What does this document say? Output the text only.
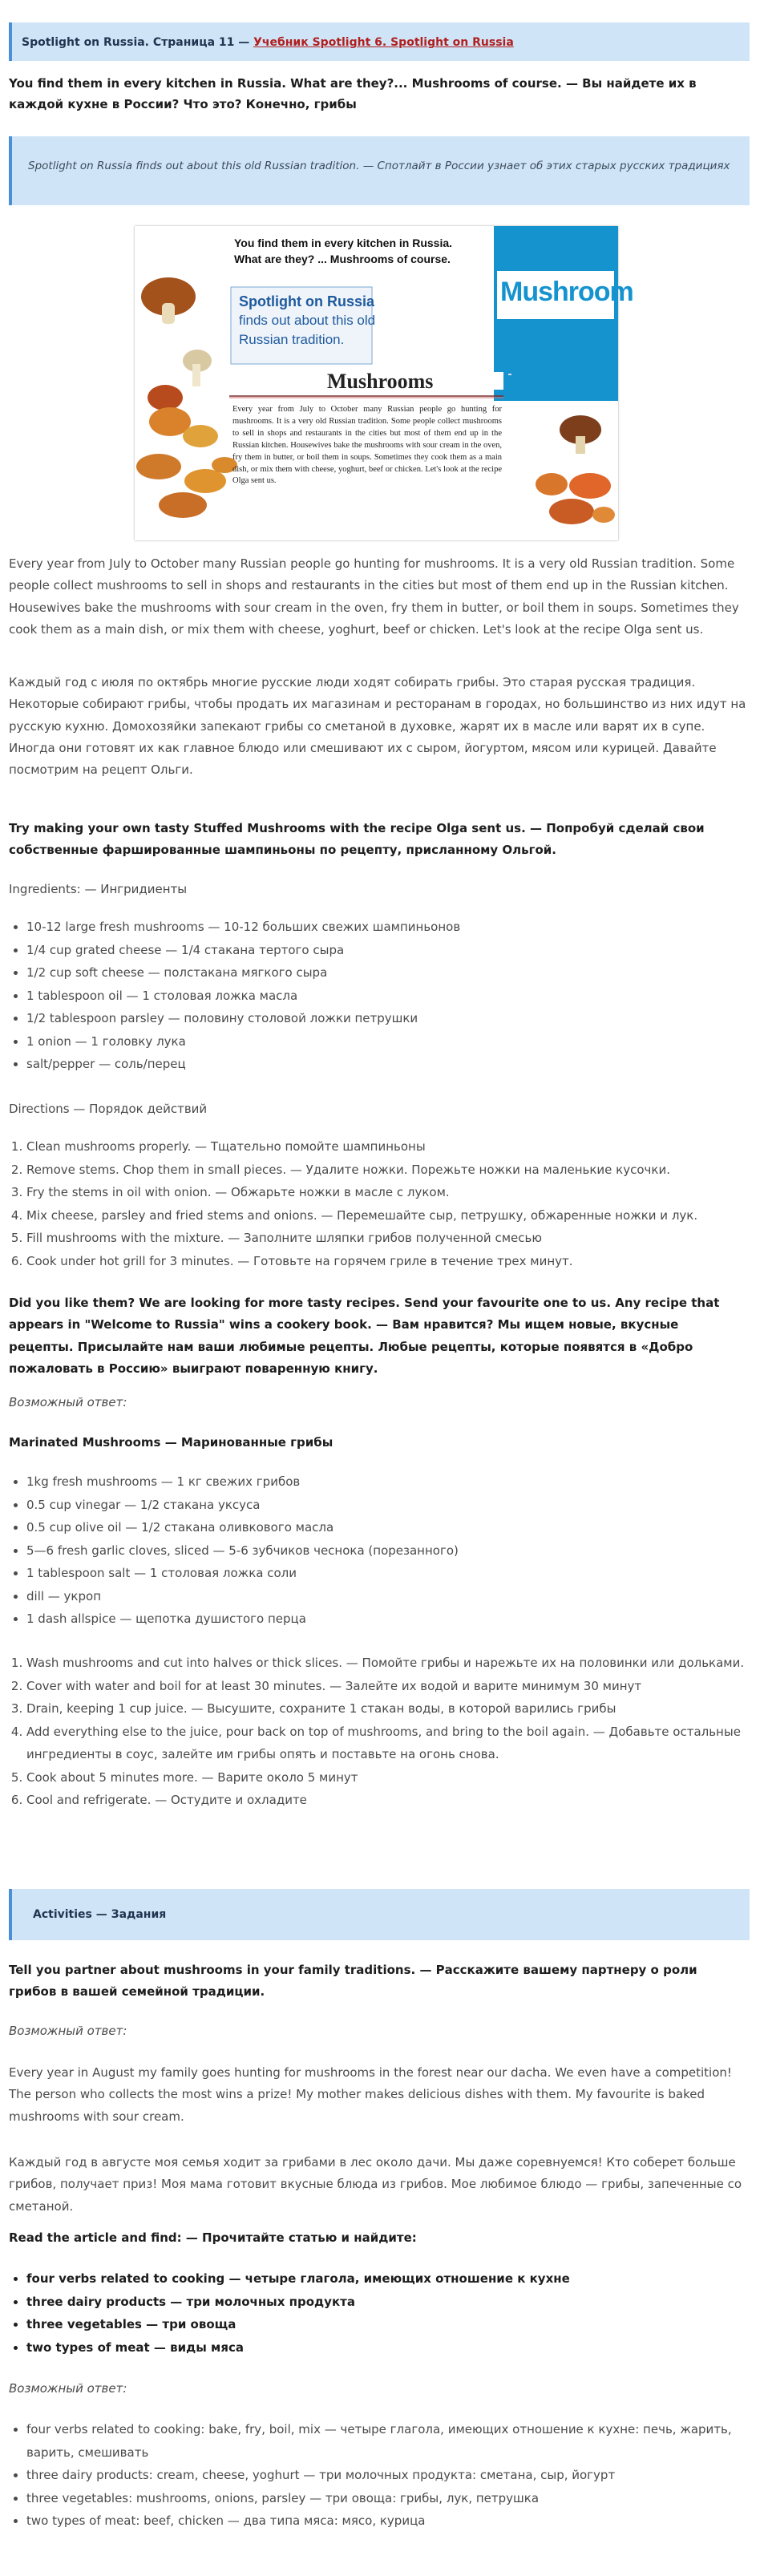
Spotlight on Russia. Страница 11 — Учебник Spotlight 6. Spotlight on Russia
You find them in every kitchen in Russia. What are they?... Mushrooms of course. — Вы найдете их в каждой кухне в России? Что это? Конечно, грибы
Spotlight on Russia finds out about this old Russian tradition. — Спотлайт в России узнает об этих старых русских традициях
You find them in every kitchen in Russia.
What are they? ... Mushrooms of course.
Spotlight on Russia
finds out about this old
Russian tradition.
Mushroom
Mushrooms
Every year from July to October many Russian people go hunting for mushrooms. It is a very old Russian tradition. Some people collect mushrooms to sell in shops and restaurants in the cities but most of them end up in the Russian kitchen. Housewives bake the mushrooms with sour cream in the oven, fry them in butter, or boil them in soups. Sometimes they cook them as a main dish, or mix them with cheese, yoghurt, beef or chicken. Let's look at the recipe Olga sent us.
Every year from July to October many Russian people go hunting for mushrooms. It is a very old Russian tradition. Some people collect mushrooms to sell in shops and restaurants in the cities but most of them end up in the Russian kitchen. Housewives bake the mushrooms with sour cream in the oven, fry them in butter, or boil them in soups. Sometimes they cook them as a main dish, or mix them with cheese, yoghurt, beef or chicken. Let's look at the recipe Olga sent us.
Каждый год с июля по октябрь многие русские люди ходят собирать грибы. Это старая русская традиция. Некоторые собирают грибы, чтобы продать их магазинам и ресторанам в городах, но большинство из них идут на русскую кухню. Домохозяйки запекают грибы со сметаной в духовке, жарят их в масле или варят их в супе. Иногда они готовят их как главное блюдо или смешивают их с сыром, йогуртом, мясом или курицей. Давайте посмотрим на рецепт Ольги.
Try making your own tasty Stuffed Mushrooms with the recipe Olga sent us. — Попробуй сделай свои собственные фаршированные шампиньоны по рецепту, присланному Ольгой.
Ingredients: — Ингридиенты
• 10-12 large fresh mushrooms — 10-12 больших свежих шампиньонов
• 1/4 cup grated cheese — 1/4 стакана тертого сыра
• 1/2 cup soft cheese — полстакана мягкого сыра
• 1 tablespoon oil — 1 столовая ложка масла
• 1/2 tablespoon parsley — половину столовой ложки петрушки
• 1 onion — 1 головку лука
• salt/pepper — соль/перец
Directions — Порядок действий
1. Clean mushrooms properly. — Тщательно помойте шампиньоны
2. Remove stems. Chop them in small pieces. — Удалите ножки. Порежьте ножки на маленькие кусочки.
3. Fry the stems in oil with onion. — Обжарьте ножки в масле с луком.
4. Mix cheese, parsley and fried stems and onions. — Перемешайте сыр, петрушку, обжаренные ножки и лук.
5. Fill mushrooms with the mixture. — Заполните шляпки грибов полученной смесью
6. Cook under hot grill for 3 minutes. — Готовьте на горячем гриле в течение трех минут.
Did you like them? We are looking for more tasty recipes. Send your favourite one to us. Any recipe that appears in "Welcome to Russia" wins a cookery book. — Вам нравится? Мы ищем новые, вкусные рецепты. Присылайте нам ваши любимые рецепты. Любые рецепты, которые появятся в «Добро пожаловать в Россию» выиграют поваренную книгу.
Возможный ответ:
Marinated Mushrooms — Маринованные грибы
• 1kg fresh mushrooms — 1 кг свежих грибов
• 0.5 cup vinegar — 1/2 стакана уксуса
• 0.5 cup olive oil — 1/2 стакана оливкового масла
• 5—6 fresh garlic cloves, sliced — 5-6 зубчиков чеснока (порезанного)
• 1 tablespoon salt — 1 столовая ложка соли
• dill — укроп
• 1 dash allspice — щепотка душистого перца
1. Wash mushrooms and cut into halves or thick slices. — Помойте грибы и нарежьте их на половинки или дольками.
2. Cover with water and boil for at least 30 minutes. — Залейте их водой и варите минимум 30 минут
3. Drain, keeping 1 cup juice. — Высушите, сохраните 1 стакан воды, в которой варились грибы
4. Add everything else to the juice, pour back on top of mushrooms, and bring to the boil again. — Добавьте остальные ингредиенты в соус, залейте им грибы опять и поставьте на огонь снова.
5. Cook about 5 minutes more. — Варите около 5 минут
6. Cool and refrigerate. — Остудите и охладите
Activities — Задания
Tell you partner about mushrooms in your family traditions. — Расскажите вашему партнеру о роли грибов в вашей семейной традиции.
Возможный ответ:
Every year in August my family goes hunting for mushrooms in the forest near our dacha. We even have a competition! The person who collects the most wins a prize! My mother makes delicious dishes with them. My favourite is baked mushrooms with sour cream.
Каждый год в августе моя семья ходит за грибами в лес около дачи. Мы даже соревнуемся! Кто соберет больше грибов, получает приз! Моя мама готовит вкусные блюда из грибов. Мое любимое блюдо — грибы, запеченные со сметаной.
Read the article and find: — Прочитайте статью и найдите:
• four verbs related to cooking — четыре глагола, имеющих отношение к кухне
• three dairy products — три молочных продукта
• three vegetables — три овоща
• two types of meat — виды мяса
Возможный ответ:
• four verbs related to cooking: bake, fry, boil, mix — четыре глагола, имеющих отношение к кухне: печь, жарить, варить, смешивать
• three dairy products: cream, cheese, yoghurt — три молочных продукта: сметана, сыр, йогурт
• three vegetables: mushrooms, onions, parsley — три овоща: грибы, лук, петрушка
• two types of meat: beef, chicken — два типа мяса: мясо, курица
